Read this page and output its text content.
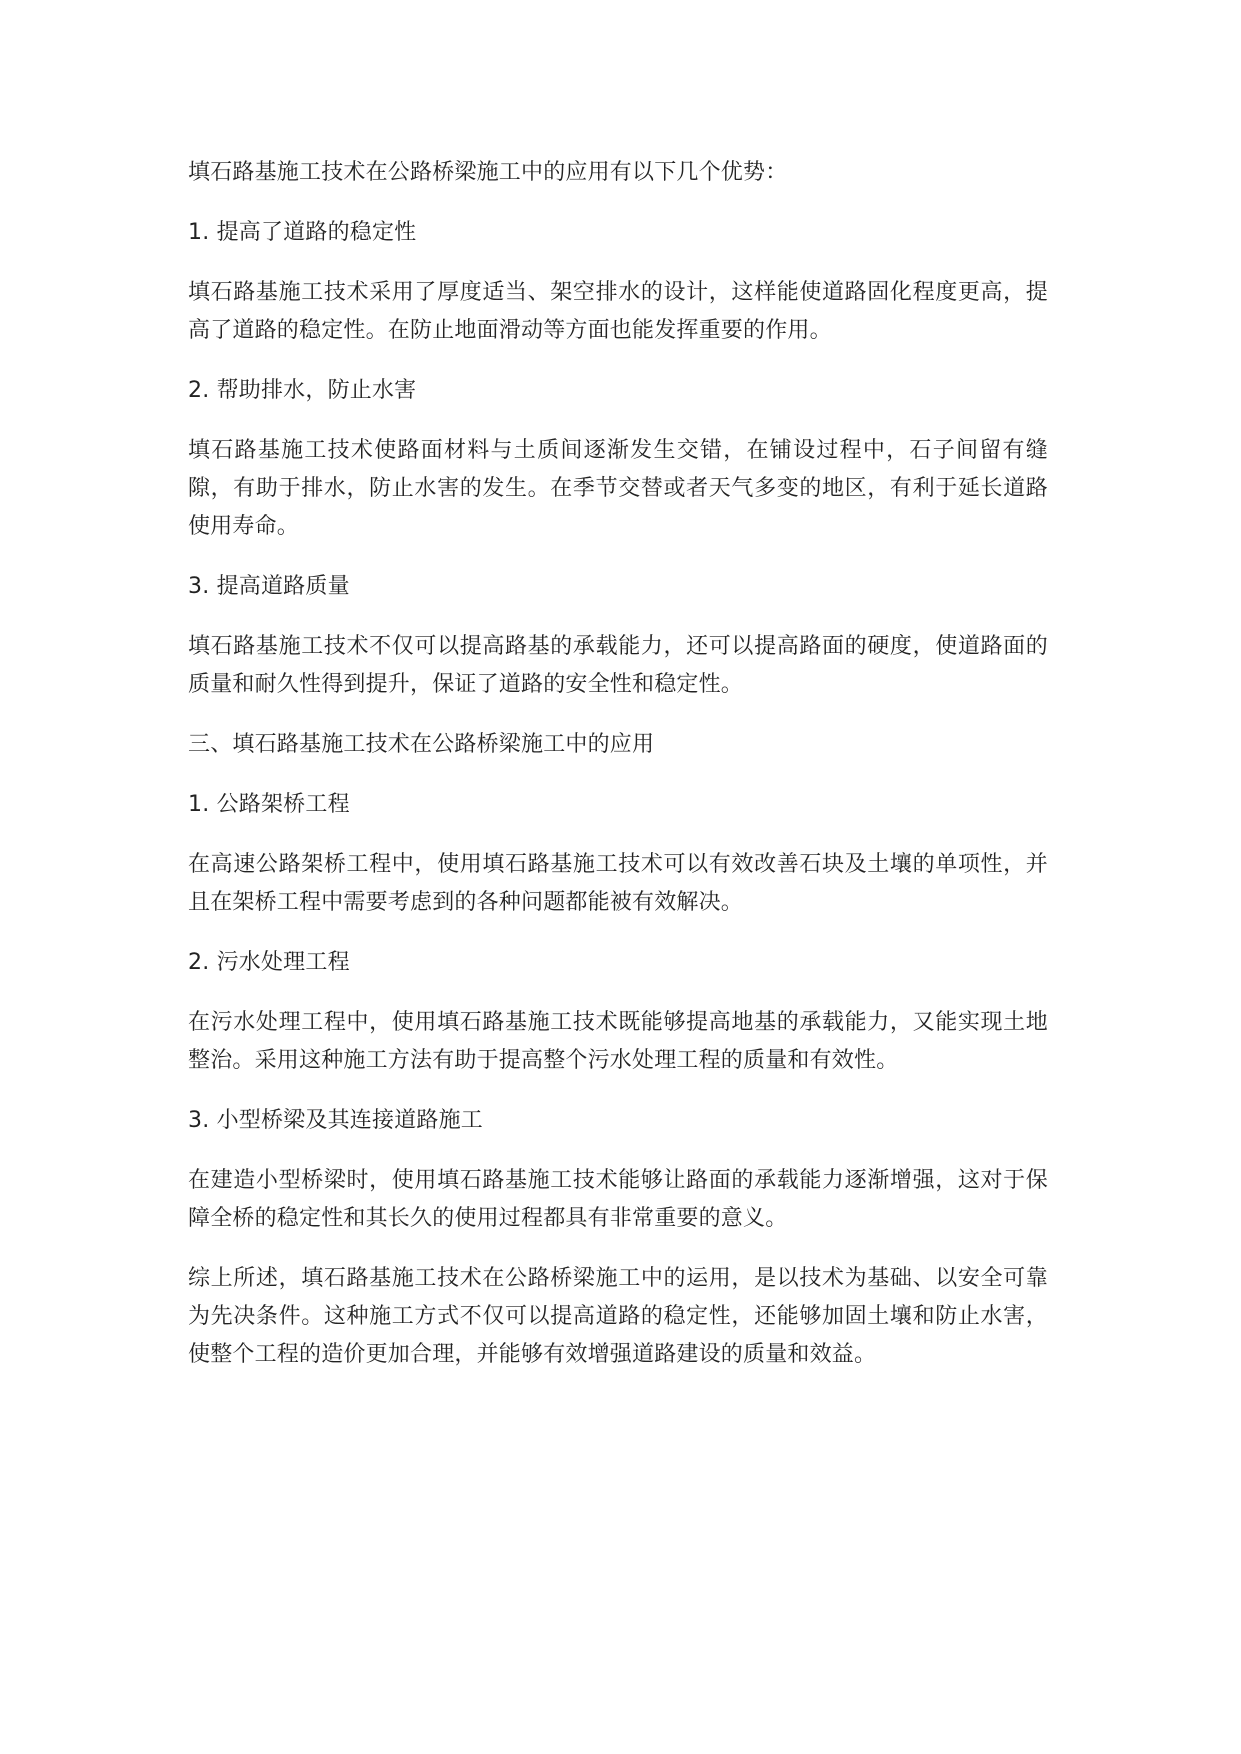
填石路基施工技术在公路桥梁施工中的应用有以下几个优势：

1. 提高了道路的稳定性

填石路基施工技术采用了厚度适当、架空排水的设计，这样能使道路固化程度更高，提高了道路的稳定性。在防止地面滑动等方面也能发挥重要的作用。

2. 帮助排水，防止水害

填石路基施工技术使路面材料与土质间逐渐发生交错，在铺设过程中，石子间留有缝隙，有助于排水，防止水害的发生。在季节交替或者天气多变的地区，有利于延长道路使用寿命。

3. 提高道路质量

填石路基施工技术不仅可以提高路基的承载能力，还可以提高路面的硬度，使道路面的质量和耐久性得到提升，保证了道路的安全性和稳定性。

三、填石路基施工技术在公路桥梁施工中的应用

1. 公路架桥工程

在高速公路架桥工程中，使用填石路基施工技术可以有效改善石块及土壤的单项性，并且在架桥工程中需要考虑到的各种问题都能被有效解决。

2. 污水处理工程

在污水处理工程中，使用填石路基施工技术既能够提高地基的承载能力，又能实现土地整治。采用这种施工方法有助于提高整个污水处理工程的质量和有效性。

3. 小型桥梁及其连接道路施工

在建造小型桥梁时，使用填石路基施工技术能够让路面的承载能力逐渐增强，这对于保障全桥的稳定性和其长久的使用过程都具有非常重要的意义。

综上所述，填石路基施工技术在公路桥梁施工中的运用，是以技术为基础、以安全可靠为先决条件。这种施工方式不仅可以提高道路的稳定性，还能够加固土壤和防止水害，使整个工程的造价更加合理，并能够有效增强道路建设的质量和效益。
